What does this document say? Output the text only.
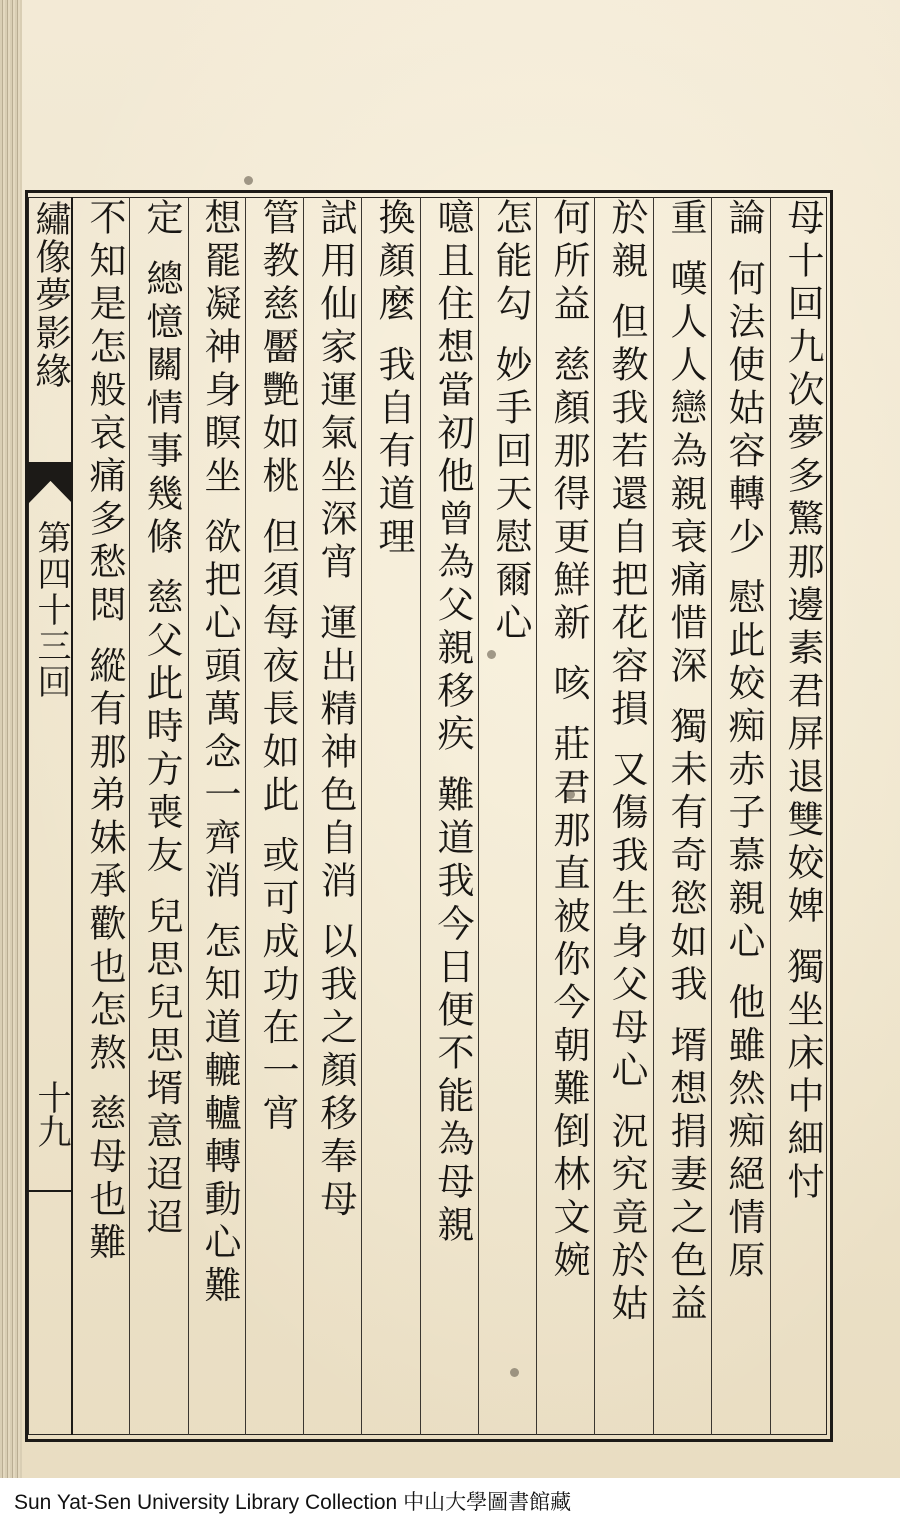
繡像夢影緣
第四十三回
十九	母十回九次夢多驚那邊素君屏退雙姣婢 獨坐床中細忖
論 何法使姑容轉少 慰此姣痴赤子慕親心 他雖然痴絕情原
重 嘆人人戀為親衰痛惜深 獨未有奇慾如我 壻想捐妻之色益
於親 但教我若還自把花容損 又傷我生身父母心 況究竟於姑
何所益 慈顏那得更鮮新 咳 莊君那直被你今朝難倒林文婉
怎能勾 妙手回天慰爾心
噫且住想當初他曾為父親移疾 難道我今日便不能為母親
換顏麼 我自有道理
試用仙家運氣坐深宵 運出精神色自消 以我之顏移奉母
管教慈靨艷如桃 但須每夜長如此 或可成功在一宵
想罷凝神身瞑坐 欲把心頭萬念一齊消 怎知道轆轤轉動心難
定 總憶關情事幾條 慈父此時方喪友 兒思兒思壻意迢迢
不知是怎般哀痛多愁悶 縱有那弟妹承歡也怎熬 慈母也難
Sun Yat-Sen University Library Collection 中山大學圖書館藏
